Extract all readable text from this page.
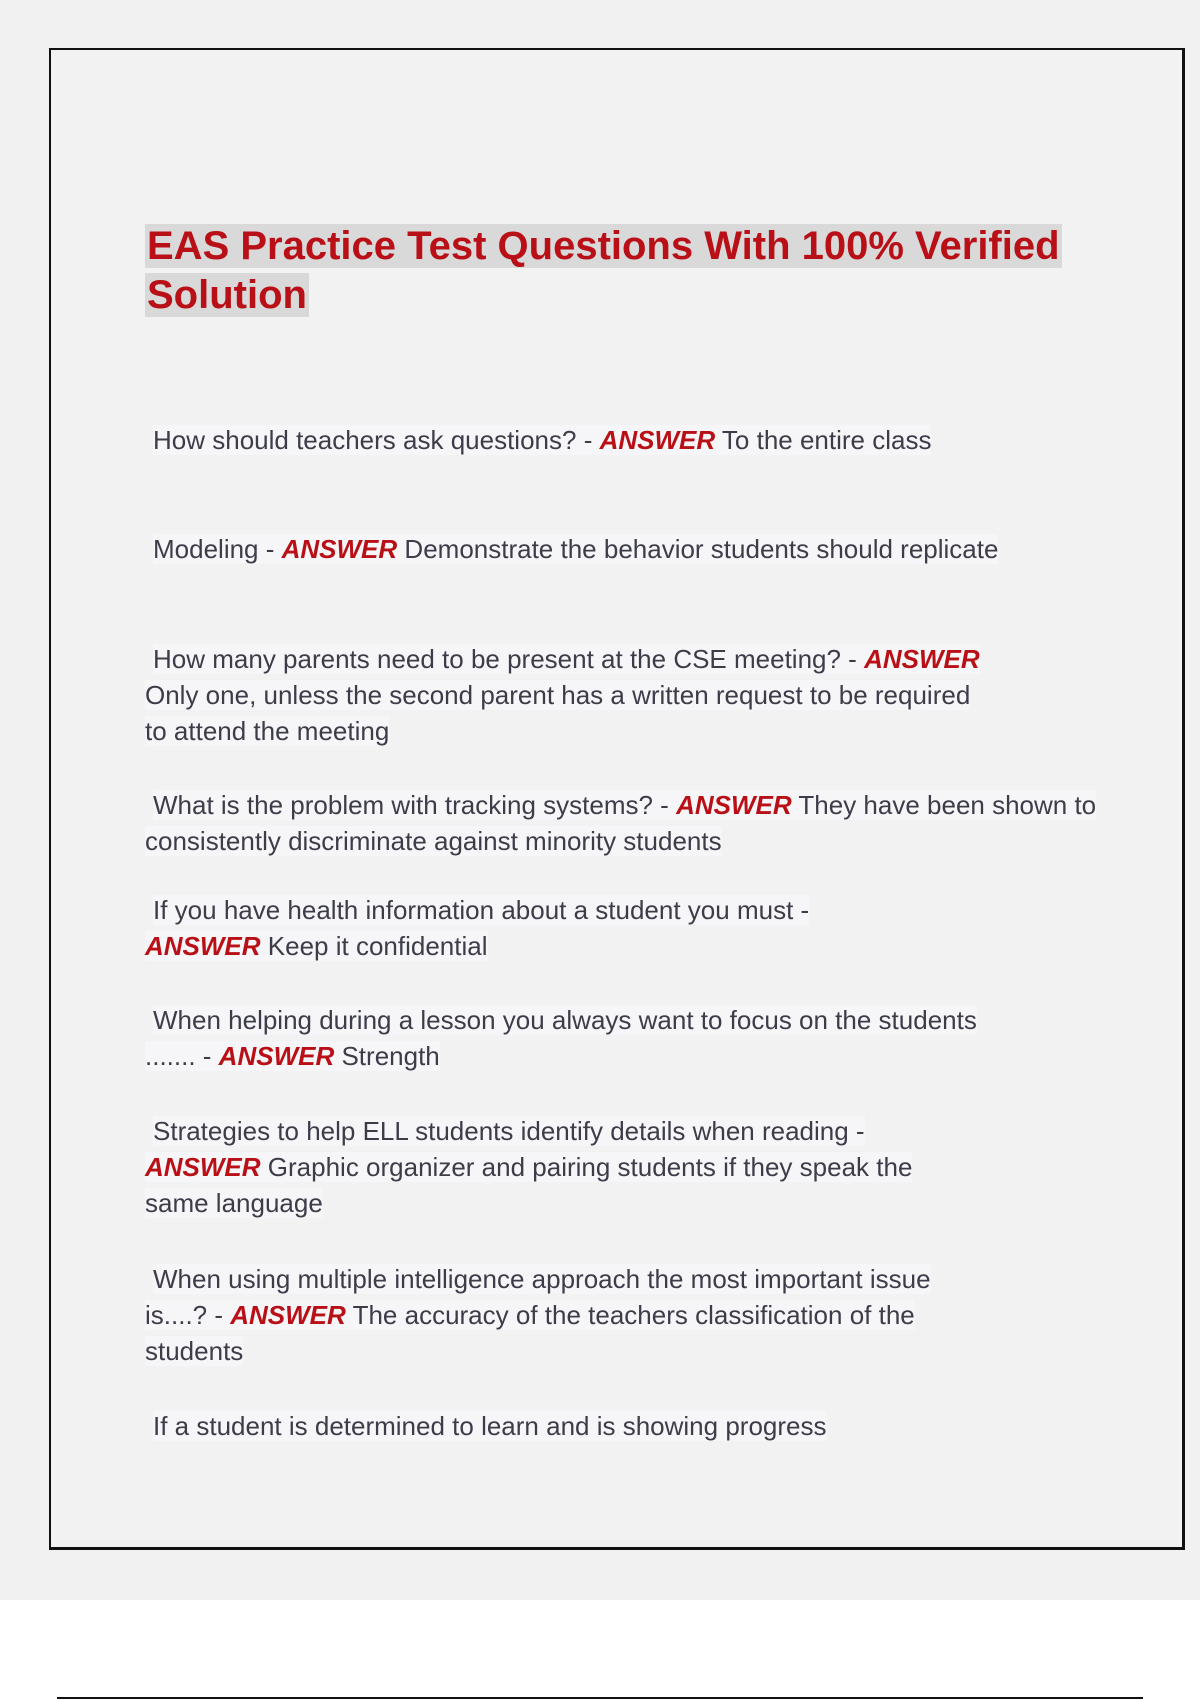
EAS Practice Test Questions With 100% Verified Solution

How should teachers ask questions? - ANSWER To the entire class

Modeling - ANSWER Demonstrate the behavior students should replicate

How many parents need to be present at the CSE meeting? - ANSWER Only one, unless the second parent has a written request to be required to attend the meeting

What is the problem with tracking systems? - ANSWER They have been shown to consistently discriminate against minority students

If you have health information about a student you must - ANSWER Keep it confidential

When helping during a lesson you always want to focus on the students ....... - ANSWER Strength

Strategies to help ELL students identify details when reading - ANSWER Graphic organizer and pairing students if they speak the same language

When using multiple intelligence approach the most important issue is....? - ANSWER The accuracy of the teachers classification of the students

If a student is determined to learn and is showing progress
